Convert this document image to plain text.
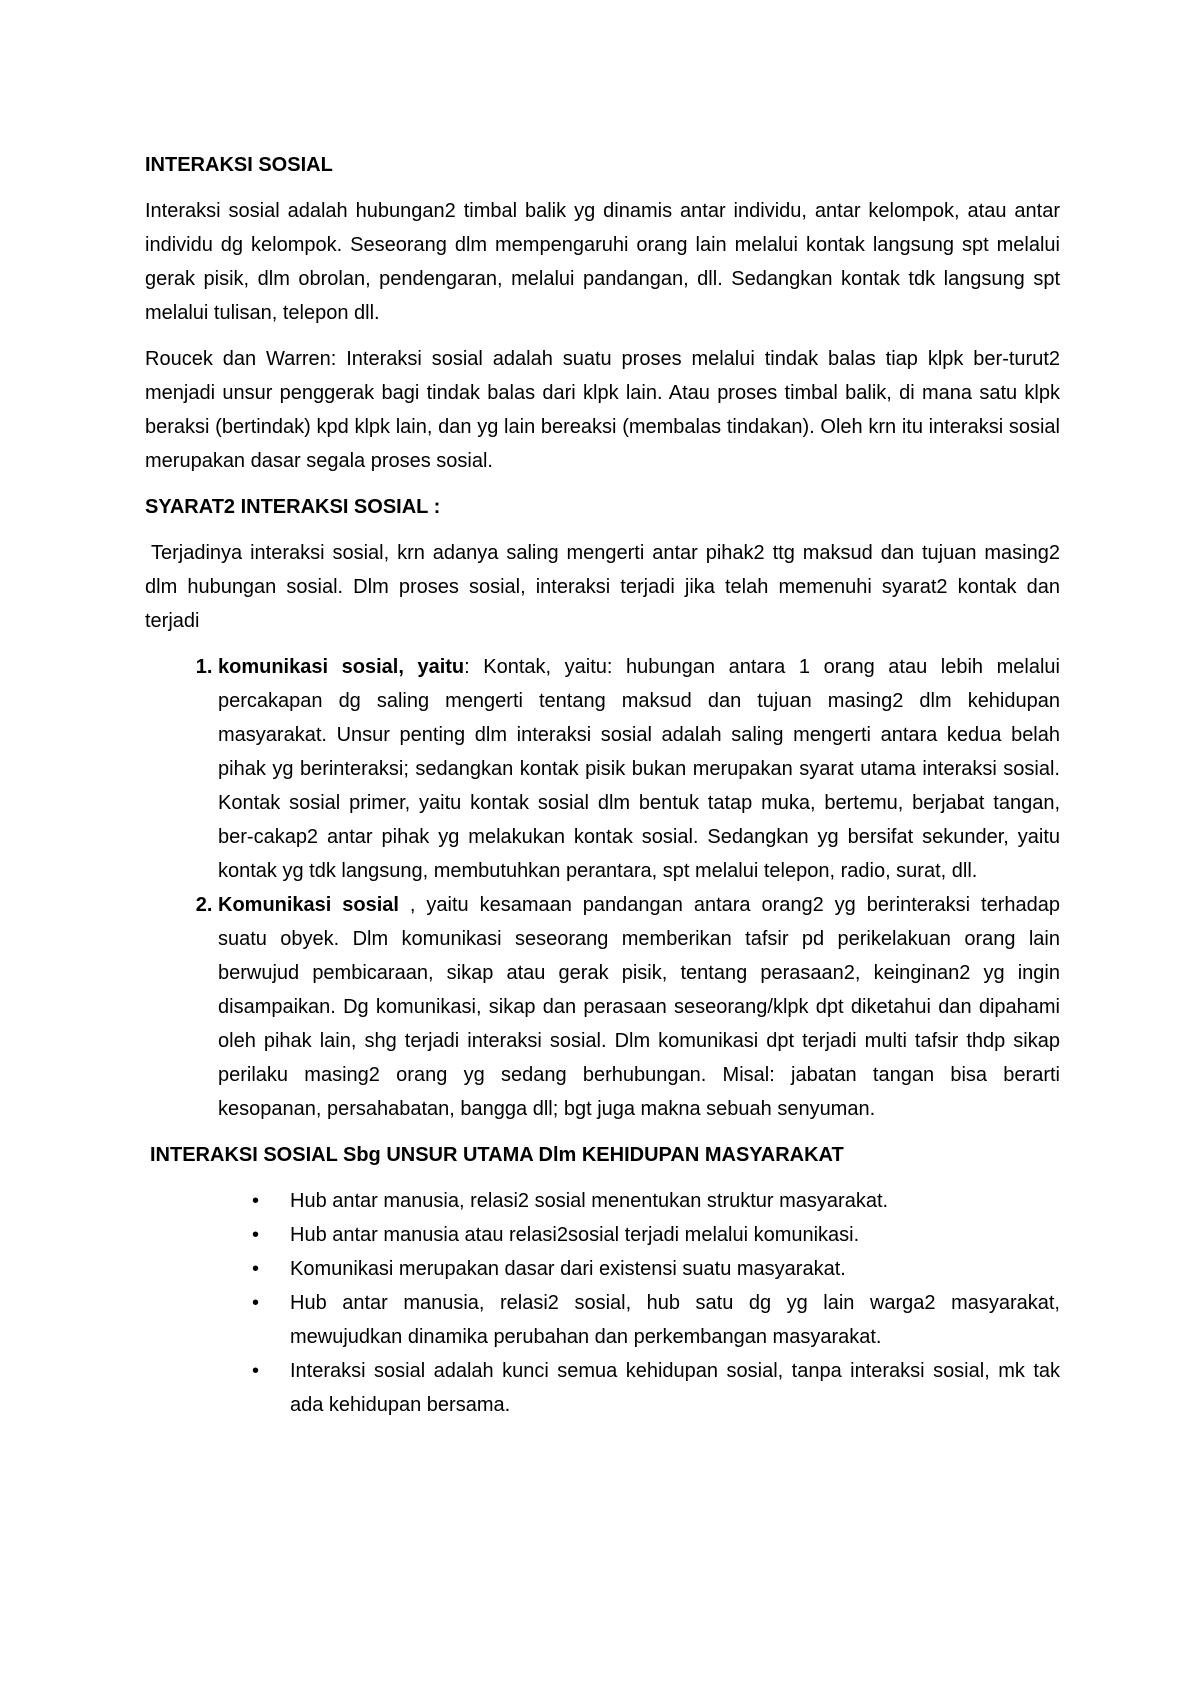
INTERAKSI SOSIAL

Interaksi sosial adalah hubungan2 timbal balik yg dinamis antar individu, antar kelompok, atau antar individu dg kelompok. Seseorang dlm mempengaruhi orang lain melalui kontak langsung spt melalui gerak pisik, dlm obrolan, pendengaran, melalui pandangan, dll. Sedangkan kontak tdk langsung spt melalui tulisan, telepon dll.

Roucek dan Warren: Interaksi sosial adalah suatu proses melalui tindak balas tiap klpk ber-turut2 menjadi unsur penggerak bagi tindak balas dari klpk lain. Atau proses timbal balik, di mana satu klpk beraksi (bertindak) kpd klpk lain, dan yg lain bereaksi (membalas tindakan). Oleh krn itu interaksi sosial merupakan dasar segala proses sosial.

SYARAT2 INTERAKSI SOSIAL :

Terjadinya interaksi sosial, krn adanya saling mengerti antar pihak2 ttg maksud dan tujuan masing2 dlm hubungan sosial. Dlm proses sosial, interaksi terjadi jika telah memenuhi syarat2 kontak dan terjadi

1. komunikasi sosial, yaitu: Kontak, yaitu: hubungan antara 1 orang atau lebih melalui percakapan dg saling mengerti tentang maksud dan tujuan masing2 dlm kehidupan masyarakat. Unsur penting dlm interaksi sosial adalah saling mengerti antara kedua belah pihak yg berinteraksi; sedangkan kontak pisik bukan merupakan syarat utama interaksi sosial. Kontak sosial primer, yaitu kontak sosial dlm bentuk tatap muka, bertemu, berjabat tangan, ber-cakap2 antar pihak yg melakukan kontak sosial. Sedangkan yg bersifat sekunder, yaitu kontak yg tdk langsung, membutuhkan perantara, spt melalui telepon, radio, surat, dll.
2. Komunikasi sosial , yaitu kesamaan pandangan antara orang2 yg berinteraksi terhadap suatu obyek. Dlm komunikasi seseorang memberikan tafsir pd perikelakuan orang lain berwujud pembicaraan, sikap atau gerak pisik, tentang perasaan2, keinginan2 yg ingin disampaikan. Dg komunikasi, sikap dan perasaan seseorang/klpk dpt diketahui dan dipahami oleh pihak lain, shg terjadi interaksi sosial. Dlm komunikasi dpt terjadi multi tafsir thdp sikap perilaku masing2 orang yg sedang berhubungan. Misal: jabatan tangan bisa berarti kesopanan, persahabatan, bangga dll; bgt juga makna sebuah senyuman.
INTERAKSI SOSIAL Sbg UNSUR UTAMA Dlm KEHIDUPAN MASYARAKAT
• Hub antar manusia, relasi2 sosial menentukan struktur masyarakat.
• Hub antar manusia atau relasi2sosial terjadi melalui komunikasi.
• Komunikasi merupakan dasar dari existensi suatu masyarakat.
• Hub antar manusia, relasi2 sosial, hub satu dg yg lain warga2 masyarakat, mewujudkan dinamika perubahan dan perkembangan masyarakat.
• Interaksi sosial adalah kunci semua kehidupan sosial, tanpa interaksi sosial, mk tak ada kehidupan bersama.
